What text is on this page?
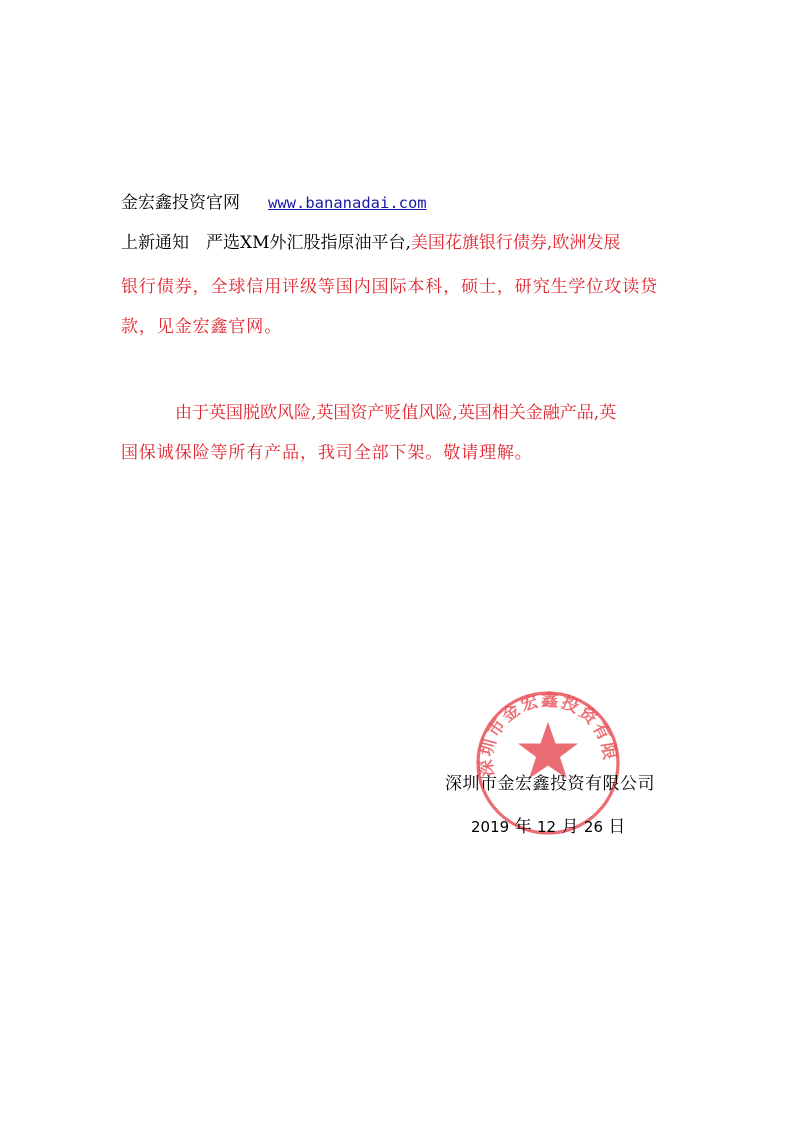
金宏鑫投资官网 www.bananadai.com
上新通知 严选XM外汇股指原油平台,美国花旗银行债券,欧洲发展
银行债券，全球信用评级等国内国际本科，硕士，研究生学位攻读贷
款，见金宏鑫官网。
由于英国脱欧风险,英国资产贬值风险,英国相关金融产品,英
国保诚保险等所有产品，我司全部下架。敬请理解。
深圳市金宏鑫投资有限
深圳市金宏鑫投资有限公司
2019 年 12 月 26 日
